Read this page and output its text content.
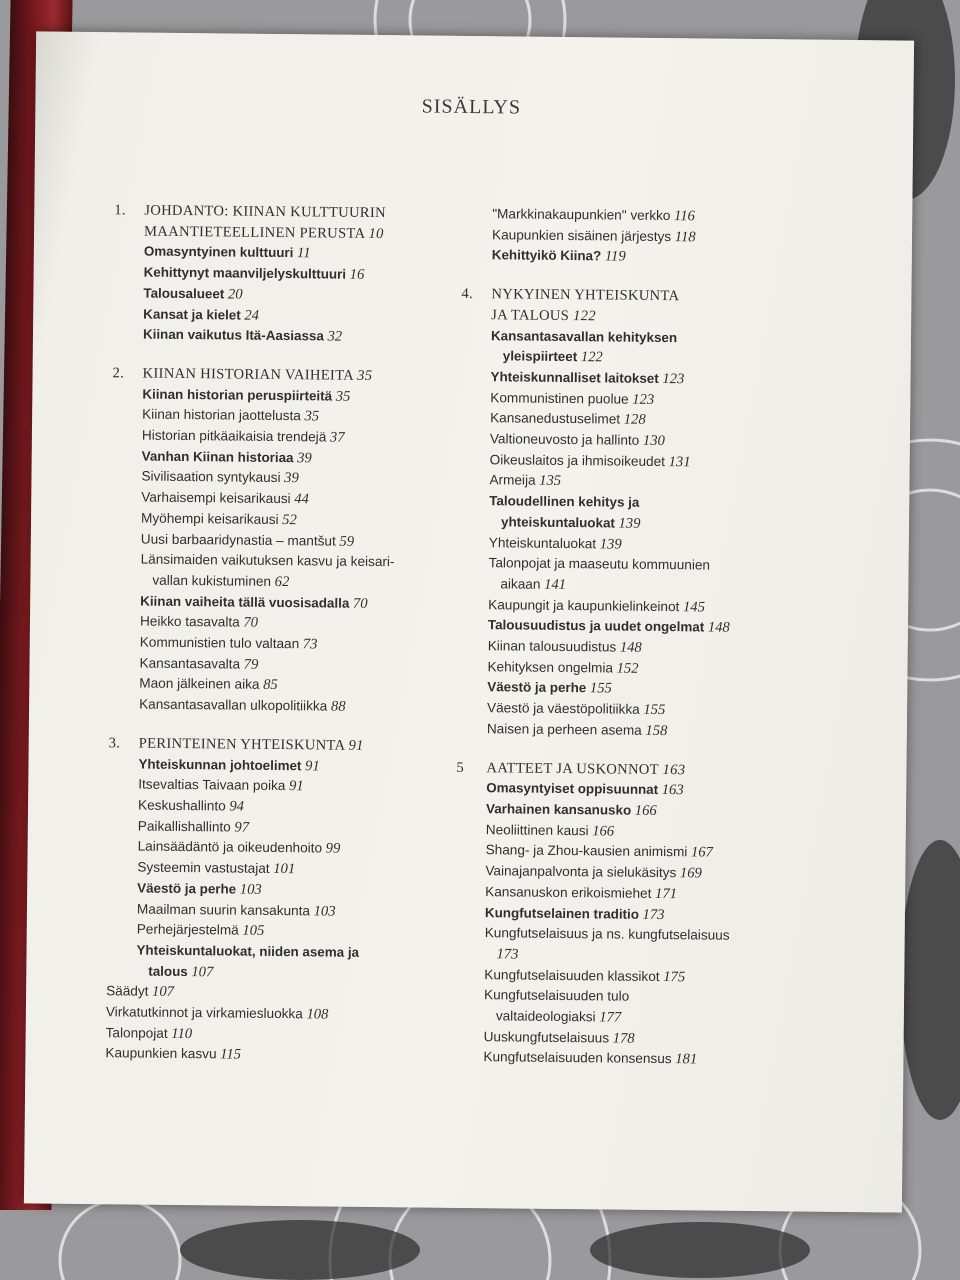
SISÄLLYS
1. JOHDANTO: KIINAN KULTTUURIN
MAANTIETEELLINEN PERUSTA 10
Omasyntyinen kulttuuri 11
Kehittynyt maanviljelyskulttuuri 16
Talousalueet 20
Kansat ja kielet 24
Kiinan vaikutus Itä-Aasiassa 32
2. KIINAN HISTORIAN VAIHEITA 35
Kiinan historian peruspiirteitä 35
Kiinan historian jaottelusta 35
Historian pitkäaikaisia trendejä 37
Vanhan Kiinan historiaa 39
Sivilisaation syntykausi 39
Varhaisempi keisarikausi 44
Myöhempi keisarikausi 52
Uusi barbaaridynastia – mantšut 59
Länsimaiden vaikutuksen kasvu ja keisari-
vallan kukistuminen 62
Kiinan vaiheita tällä vuosisadalla 70
Heikko tasavalta 70
Kommunistien tulo valtaan 73
Kansantasavalta 79
Maon jälkeinen aika 85
Kansantasavallan ulkopolitiikka 88
3. PERINTEINEN YHTEISKUNTA 91
Yhteiskunnan johtoelimet 91
Itsevaltias Taivaan poika 91
Keskushallinto 94
Paikallishallinto 97
Lainsäädäntö ja oikeudenhoito 99
Systeemin vastustajat 101
Väestö ja perhe 103
Maailman suurin kansakunta 103
Perhejärjestelmä 105
Yhteiskuntaluokat, niiden asema ja
talous 107
Säädyt 107
Virkatutkinnot ja virkamiesluokka 108
Talonpojat 110
Kaupunkien kasvu 115
"Markkinakaupunkien" verkko 116
Kaupunkien sisäinen järjestys 118
Kehittyikö Kiina? 119
4. NYKYINEN YHTEISKUNTA
JA TALOUS 122
Kansantasavallan kehityksen
yleispiirteet 122
Yhteiskunnalliset laitokset 123
Kommunistinen puolue 123
Kansanedustuselimet 128
Valtioneuvosto ja hallinto 130
Oikeuslaitos ja ihmisoikeudet 131
Armeija 135
Taloudellinen kehitys ja
yhteiskuntaluokat 139
Yhteiskuntaluokat 139
Talonpojat ja maaseutu kommuunien
aikaan 141
Kaupungit ja kaupunkielinkeinot 145
Talousuudistus ja uudet ongelmat 148
Kiinan talousuudistus 148
Kehityksen ongelmia 152
Väestö ja perhe 155
Väestö ja väestöpolitiikka 155
Naisen ja perheen asema 158
5 AATTEET JA USKONNOT 163
Omasyntyiset oppisuunnat 163
Varhainen kansanusko 166
Neoliittinen kausi 166
Shang- ja Zhou-kausien animismi 167
Vainajanpalvonta ja sielukäsitys 169
Kansanuskon erikoismiehet 171
Kungfutselainen traditio 173
Kungfutselaisuus ja ns. kungfutselaisuus
173
Kungfutselaisuuden klassikot 175
Kungfutselaisuuden tulo
valtaideologiaksi 177
Uuskungfutselaisuus 178
Kungfutselaisuuden konsensus 181
